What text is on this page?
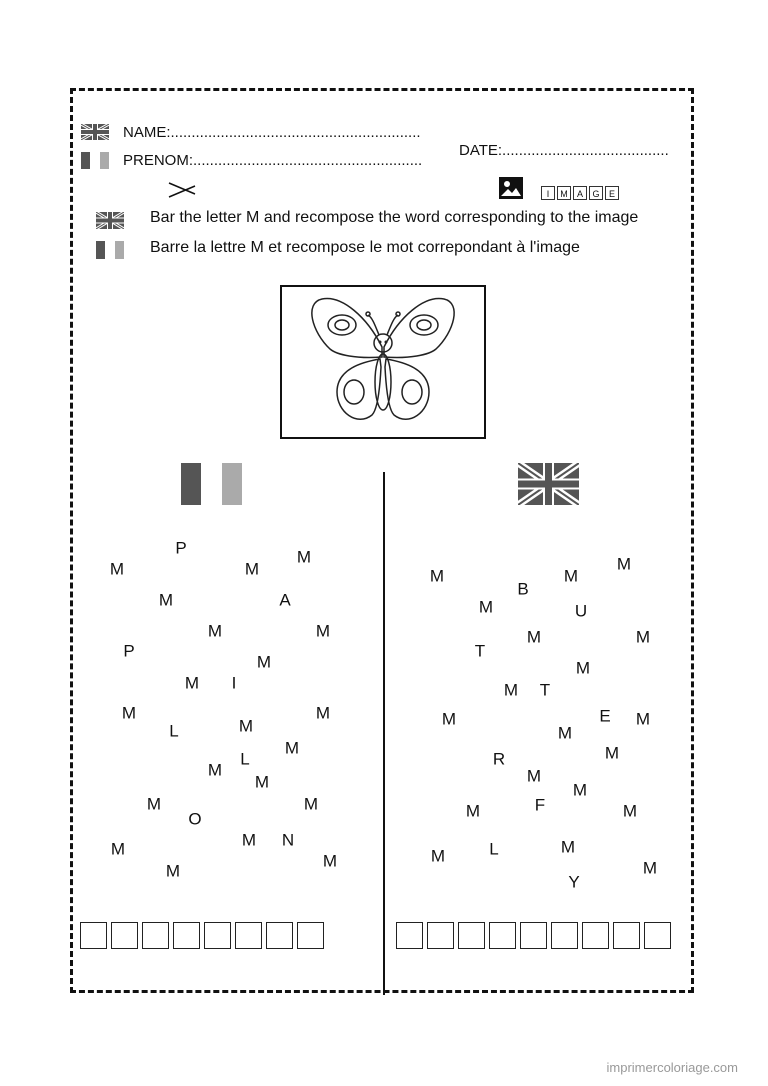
NAME:............................................................
PRENOM:.......................................................
DATE:........................................
I	M	A	G	E
Bar the letter M and recompose the word corresponding to the image
Barre la lettre M et recompose le mot correpondant à l'image
P
M	M
M
M	A
M	M
P
M
M I
M	M
L	M
M
L
M
M
M	M
O
M N
M
M
M
M	M
M
B
M	U
M	M
T
M
M T
M	E M
M
R	M
M
M
F
M	M
L	M
M
Y
M
imprimercoloriage.com
